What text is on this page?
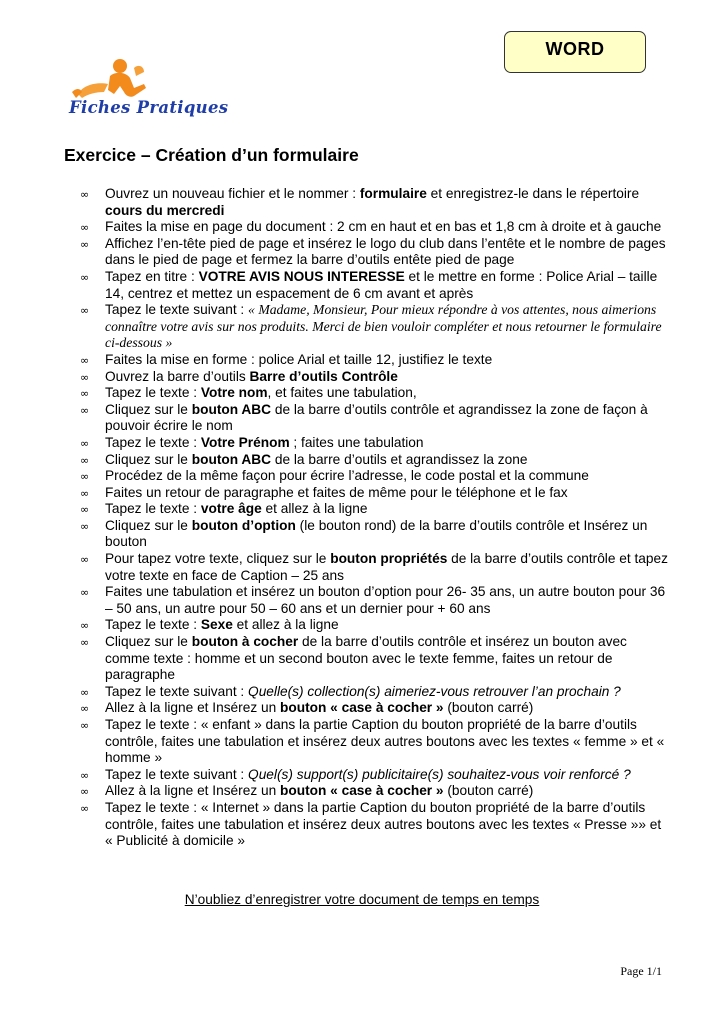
WORD
Fiches Pratiques
Exercice – Création d’un formulaire
∞ Ouvrez un nouveau fichier et le nommer : formulaire et enregistrez-le dans le répertoire cours du mercredi
∞ Faites la mise en page du document : 2 cm en haut et en bas et 1,8 cm à droite et à gauche
∞ Affichez l’en-tête pied de page et insérez le logo du club dans l’entête et le nombre de pages dans le pied de page et fermez la barre d’outils entête pied de page
∞ Tapez en titre : VOTRE AVIS NOUS INTERESSE et le mettre en forme : Police Arial – taille 14, centrez et mettez un espacement de 6 cm avant et après
∞ Tapez le texte suivant : « Madame, Monsieur, Pour mieux répondre à vos attentes, nous aimerions connaître votre avis sur nos produits. Merci de bien vouloir compléter et nous retourner le formulaire ci-dessous »
∞ Faites la mise en forme : police Arial et taille 12, justifiez le texte
∞ Ouvrez la barre d’outils Barre d’outils Contrôle
∞ Tapez le texte : Votre nom, et faites une tabulation,
∞ Cliquez sur le bouton ABC de la barre d’outils contrôle et agrandissez la zone de façon à pouvoir écrire le nom
∞ Tapez le texte : Votre Prénom ; faites une tabulation
∞ Cliquez sur le bouton ABC de la barre d’outils et agrandissez la zone
∞ Procédez de la même façon pour écrire l’adresse, le code postal et la commune
∞ Faites un retour de paragraphe et faites de même pour le téléphone et le fax
∞ Tapez le texte : votre âge et allez à la ligne
∞ Cliquez sur le bouton d’option (le bouton rond) de la barre d’outils contrôle et Insérez un bouton
∞ Pour tapez votre texte, cliquez sur le bouton propriétés de la barre d’outils contrôle et tapez votre texte en face de Caption – 25 ans
∞ Faites une tabulation et insérez un bouton d’option pour 26- 35 ans, un autre bouton pour 36 – 50 ans, un autre pour 50 – 60 ans et un dernier pour + 60 ans
∞ Tapez le texte : Sexe et allez à la ligne
∞ Cliquez sur le bouton à cocher de la barre d’outils contrôle et insérez un bouton avec comme texte : homme et un second bouton avec le texte femme, faites un retour de paragraphe
∞ Tapez le texte suivant : Quelle(s) collection(s) aimeriez-vous retrouver l’an prochain ?
∞ Allez à la ligne et Insérez un bouton « case à cocher » (bouton carré)
∞ Tapez le texte : « enfant » dans la partie Caption du bouton propriété de la barre d’outils contrôle, faites une tabulation et insérez deux autres boutons avec les textes « femme » et « homme »
∞ Tapez le texte suivant : Quel(s) support(s) publicitaire(s) souhaitez-vous voir renforcé ?
∞ Allez à la ligne et Insérez un bouton « case à cocher » (bouton carré)
∞ Tapez le texte : « Internet » dans la partie Caption du bouton propriété de la barre d’outils contrôle, faites une tabulation et insérez deux autres boutons avec les textes « Presse »» et « Publicité à domicile »
N’oubliez d’enregistrer votre document de temps en temps
Page 1/1
